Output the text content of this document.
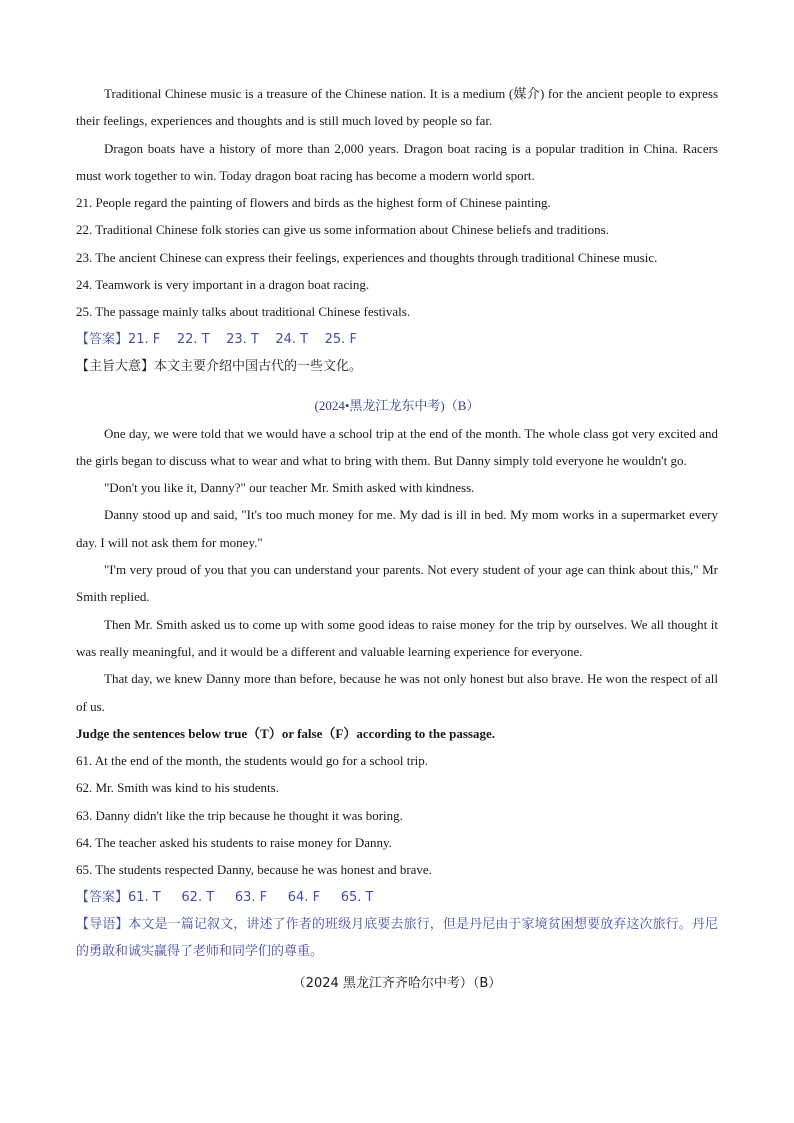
Traditional Chinese music is a treasure of the Chinese nation. It is a medium (媒介) for the ancient people to express their feelings, experiences and thoughts and is still much loved by people so far.

Dragon boats have a history of more than 2,000 years. Dragon boat racing is a popular tradition in China. Racers must work together to win. Today dragon boat racing has become a modern world sport.

21. People regard the painting of flowers and birds as the highest form of Chinese painting.

22. Traditional Chinese folk stories can give us some information about Chinese beliefs and traditions.

23. The ancient Chinese can express their feelings, experiences and thoughts through traditional Chinese music.

24. Teamwork is very important in a dragon boat racing.

25. The passage mainly talks about traditional Chinese festivals.

【答案】21. F    22. T    23. T    24. T    25. F

【主旨大意】本文主要介绍中国古代的一些文化。

(2024•黑龙江龙东中考)（B）

One day, we were told that we would have a school trip at the end of the month. The whole class got very excited and the girls began to discuss what to wear and what to bring with them. But Danny simply told everyone he wouldn't go.

"Don't you like it, Danny?" our teacher Mr. Smith asked with kindness.

Danny stood up and said, "It's too much money for me. My dad is ill in bed. My mom works in a supermarket every day. I will not ask them for money."

"I'm very proud of you that you can understand your parents. Not every student of your age can think about this," Mr Smith replied.

Then Mr. Smith asked us to come up with some good ideas to raise money for the trip by ourselves. We all thought it was really meaningful, and it would be a different and valuable learning experience for everyone.

That day, we knew Danny more than before, because he was not only honest but also brave. He won the respect of all of us.

Judge the sentences below true（T）or false（F）according to the passage.

61. At the end of the month, the students would go for a school trip.

62. Mr. Smith was kind to his students.

63. Danny didn't like the trip because he thought it was boring.

64. The teacher asked his students to raise money for Danny.

65. The students respected Danny, because he was honest and brave.

【答案】61. T     62. T     63. F     64. F     65. T

【导语】本文是一篇记叙文，讲述了作者的班级月底要去旅行，但是丹尼由于家境贫困想要放弃这次旅行。丹尼的勇敢和诚实赢得了老师和同学们的尊重。

（2024 黑龙江齐齐哈尔中考）（B）
